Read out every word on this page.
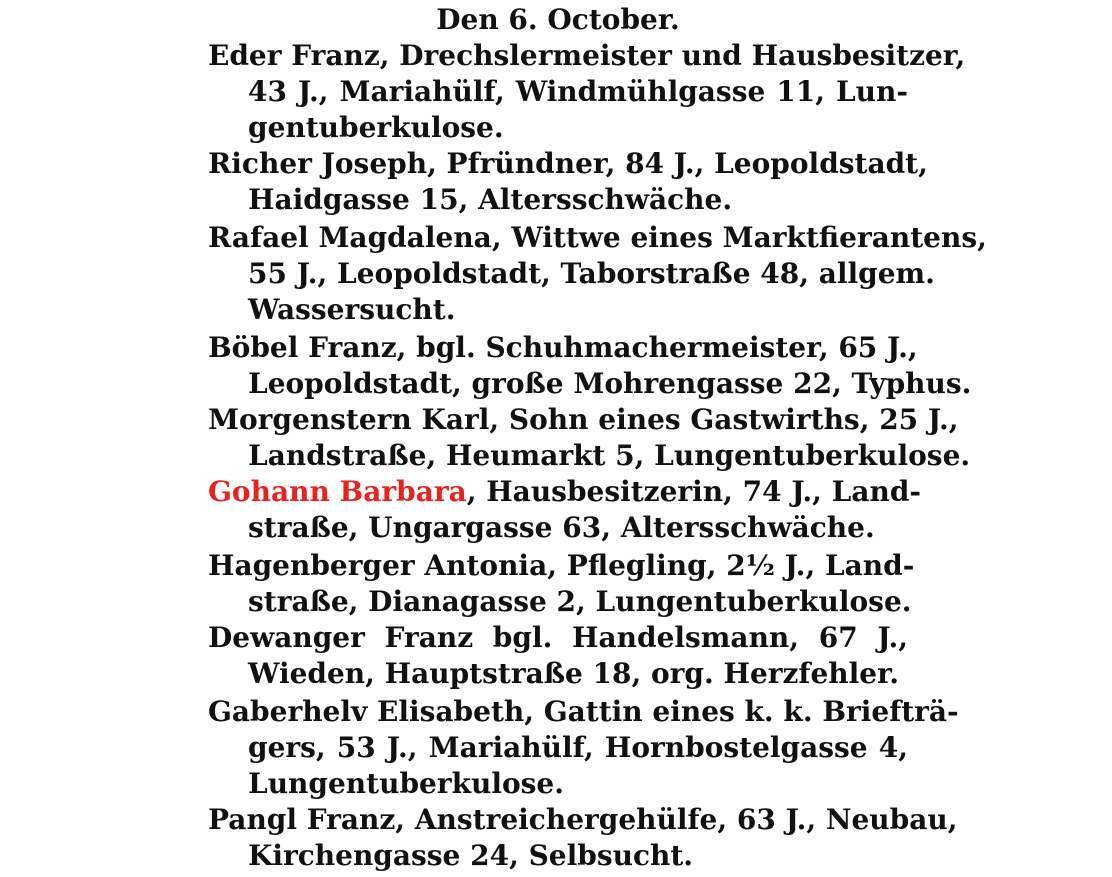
Den 6. October.
Eder Franz, Drechslermeister und Hausbesitzer,
43 J., Mariahülf, Windmühlgasse 11, Lun-
gentuberkulose.
Richer Joseph, Pfründner, 84 J., Leopoldstadt,
Haidgasse 15, Altersschwäche.
Rafael Magdalena, Wittwe eines Marktfierantens,
55 J., Leopoldstadt, Taborstraße 48, allgem.
Wassersucht.
Böbel Franz, bgl. Schuhmachermeister, 65 J.,
Leopoldstadt, große Mohrengasse 22, Typhus.
Morgenstern Karl, Sohn eines Gastwirths, 25 J.,
Landstraße, Heumarkt 5, Lungentuberkulose.
Gohann Barbara, Hausbesitzerin, 74 J., Land-
straße, Ungargasse 63, Altersschwäche.
Hagenberger Antonia, Pflegling, 2½ J., Land-
straße, Dianagasse 2, Lungentuberkulose.
Dewanger Franz bgl. Handelsmann, 67 J.,
Wieden, Hauptstraße 18, org. Herzfehler.
Gaberhelv Elisabeth, Gattin eines k. k. Briefträ-
gers, 53 J., Mariahülf, Hornbostelgasse 4,
Lungentuberkulose.
Pangl Franz, Anstreichergehülfe, 63 J., Neubau,
Kirchengasse 24, Selbsucht.
